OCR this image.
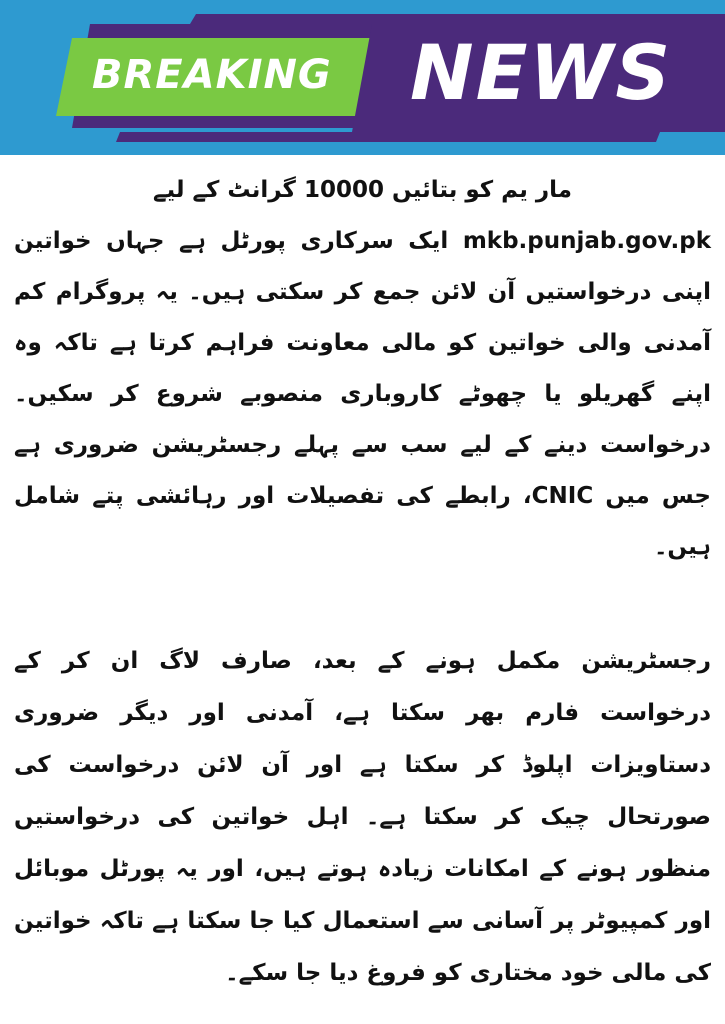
BREAKING NEWS

مار یم کو بتائیں 10000 گرانٹ کے لیے
mkb.punjab.gov.pk ایک سرکاری پورٹل ہے جہاں خواتین اپنی درخواستیں آن لائن جمع کر سکتی ہیں۔ یہ پروگرام کم آمدنی والی خواتین کو مالی معاونت فراہم کرتا ہے تاکہ وہ اپنے گھریلو یا چھوٹے کاروباری منصوبے شروع کر سکیں۔ درخواست دینے کے لیے سب سے پہلے رجسٹریشن ضروری ہے جس میں CNIC، رابطے کی تفصیلات اور رہائشی پتے شامل ہیں۔

رجسٹریشن مکمل ہونے کے بعد، صارف لاگ ان کر کے درخواست فارم بھر سکتا ہے، آمدنی اور دیگر ضروری دستاویزات اپلوڈ کر سکتا ہے اور آن لائن درخواست کی صورتحال چیک کر سکتا ہے۔ اہل خواتین کی درخواستیں منظور ہونے کے امکانات زیادہ ہوتے ہیں، اور یہ پورٹل موبائل اور کمپیوٹر پر آسانی سے استعمال کیا جا سکتا ہے تاکہ خواتین کی مالی خود مختاری کو فروغ دیا جا سکے۔
